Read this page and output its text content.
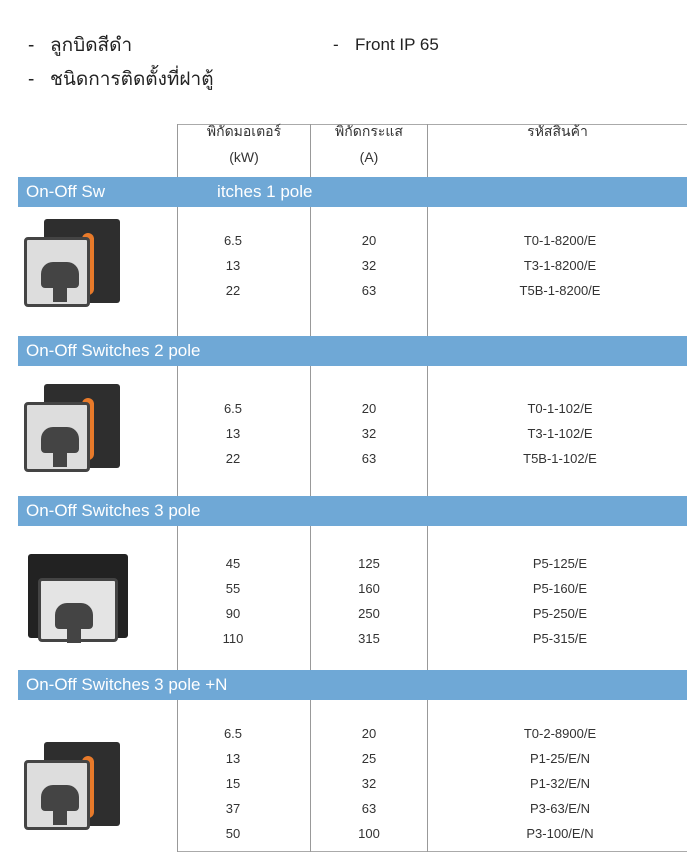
- ลูกบิดสีดำ
- ชนิดการติดตั้งที่ฝาตู้
- Front IP 65
พิกัดมอเตอร์
(kW)
พิกัดกระแส
(A)
รหัสสินค้า
On-Off Sw	itches 1 pole
6.5	20	T0-1-8200/E
13	32	T3-1-8200/E
22	63	T5B-1-8200/E
On-Off Switches 2 pole
6.5	20	T0-1-102/E
13	32	T3-1-102/E
22	63	T5B-1-102/E
On-Off Switches 3 pole
45	125	P5-125/E
55	160	P5-160/E
90	250	P5-250/E
110	315	P5-315/E
On-Off Switches 3 pole +N
6.5	20	T0-2-8900/E
13	25	P1-25/E/N
15	32	P1-32/E/N
37	63	P3-63/E/N
50	100	P3-100/E/N
